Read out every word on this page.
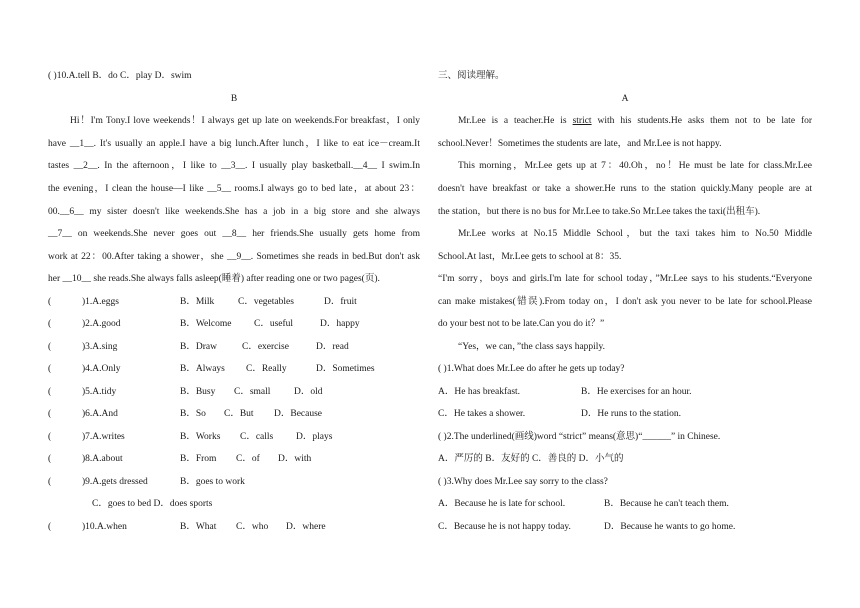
( )10.A.tell B．do C．play D．swim
B
Hi！I'm Tony.I love weekends！I always get up late on weekends.For breakfast，I only
have __1__. It's usually an apple.I have a big lunch.After lunch，I like to eat ice－cream.It
tastes __2__. In the afternoon，I like to __3__. I usually play basketball.__4__ I swim.In
the evening，I clean the house—I like __5__ rooms.I always go to bed late，at about 23：
00.__6__ my sister doesn't like weekends.She has a job in a big store and she always
__7__ on weekends.She never goes out __8__ her friends.She usually gets home from
work at 22：00.After taking a shower，she __9__. Sometimes she reads in bed.But don't ask
her __10__ she reads.She always falls asleep(睡着) after reading one or two pages(页).
(	)1.A.eggs	B．Milk C．vegetables	D．fruit
(	)2.A.good	B．Welcome C．useful	D．happy
(	)3.A.sing	B．Draw	C．exercise	D．read
(	)4.A.Only	B．Always C．Really	D．Sometimes
(	)5.A.tidy	B．Busy C．small D．old
(	)6.A.And	B．So C．But D．Because
(	)7.A.writes	B．Works C．calls D．plays
(	)8.A.about	B．From C．of D．with
(	)9.A.gets dressed	B．goes to work
C．goes to bed D．does sports
(	)10.A.when	B．What C．who D．where
三、阅读理解。
A
Mr.Lee is a teacher.He is strict with his students.He asks them not to be late for
school.Never！Sometimes the students are late，and Mr.Lee is not happy.
This morning，Mr.Lee gets up at 7：40.Oh，no！He must be late for class.Mr.Lee
doesn't have breakfast or take a shower.He runs to the station quickly.Many people are at
the station，but there is no bus for Mr.Lee to take.So Mr.Lee takes the taxi(出租车).
Mr.Lee works at No.15 Middle School，but the taxi takes him to No.50 Middle
School.At last，Mr.Lee gets to school at 8：35.
“I'm sorry，boys and girls.I'm late for school today，”Mr.Lee says to his students.“Everyone
can make mistakes(错误).From today on，I don't ask you never to be late for school.Please
do your best not to be late.Can you do it？”
“Yes，we can，”the class says happily.
( )1.What does Mr.Lee do after he gets up today?
A．He has breakfast.	B．He exercises for an hour.
C．He takes a shower.	D．He runs to the station.
( )2.The underlined(画线)word “strict” means(意思)“______” in Chinese.
A．严厉的 B．友好的 C．善良的 D．小气的
( )3.Why does Mr.Lee say sorry to the class?
A．Because he is late for school.	B．Because he can't teach them.
C．Because he is not happy today.	D．Because he wants to go home.
